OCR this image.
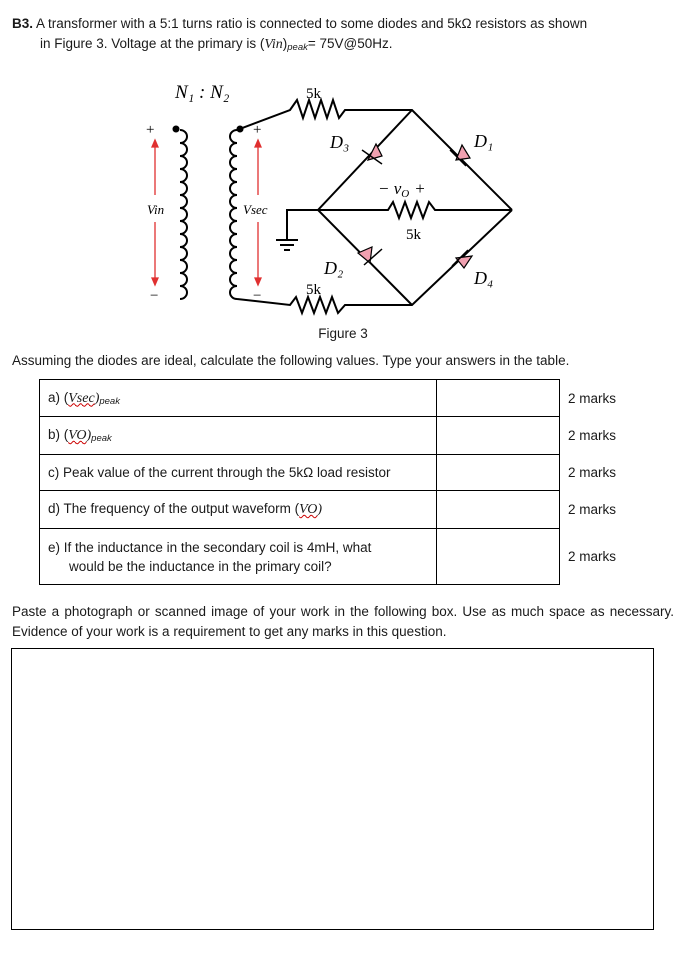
B3. A transformer with a 5:1 turns ratio is connected to some diodes and 5kΩ resistors as shown
in Figure 3. Voltage at the primary is $(Vin)_{peak}=$ 75V@50Hz.
N₁ : N₂
+	+
−	−
Vin	Vsec
5k
5k
5k
D₃	D₁
D₂	D₄
− vO +
Figure 3
Assuming the diodes are ideal, calculate the following values. Type your answers in the table.
a) $(Vsec)_{peak}$		2 marks
b) $(VO)_{peak}$		2 marks
c) Peak value of the current through the 5kΩ load resistor		2 marks
d) The frequency of the output waveform (VO)		2 marks

e) If the inductance in the secondary coil is 4mH, what
would be the inductance in the primary coil?		2 marks
Paste a photograph or scanned image of your work in the following box. Use as much space as necessary. Evidence of your work is a requirement to get any marks in this question.
